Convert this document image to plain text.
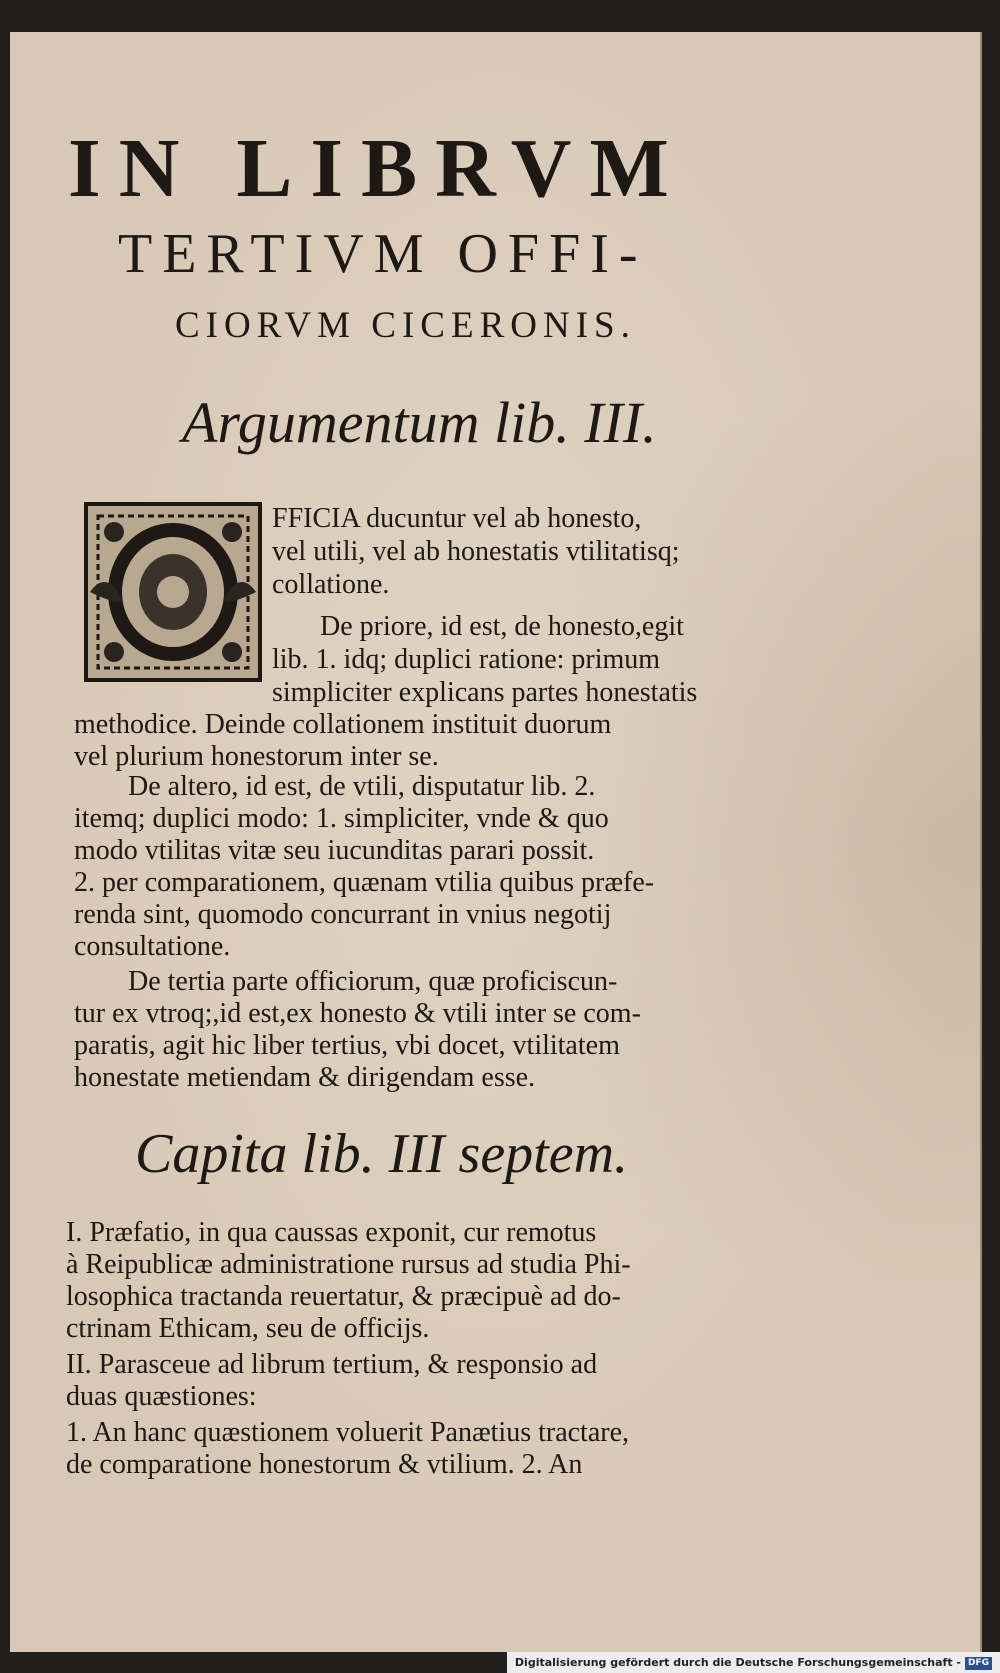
IN LIBRVM
TERTIVM OFFI-
CIORVM CICERONIS.
Argumentum lib. III.
FFICIA ducuntur vel ab honesto,
vel utili, vel ab honestatis vtilitatisq;
collatione.
De priore, id est, de honesto,egit
lib. 1. idq; duplici ratione: primum
simpliciter explicans partes honestatis
methodice. Deinde collationem instituit duorum
vel plurium honestorum inter se.
De altero, id est, de vtili, disputatur lib. 2.
itemq; duplici modo: 1. simpliciter, vnde & quo
modo vtilitas vitæ seu iucunditas parari possit.
2. per comparationem, quænam vtilia quibus præfe-
renda sint, quomodo concurrant in vnius negotij
consultatione.
De tertia parte officiorum, quæ proficiscun-
tur ex vtroq;,id est,ex honesto & vtili inter se com-
paratis, agit hic liber tertius, vbi docet, vtilitatem
honestate metiendam & dirigendam esse.
Capita lib. III septem.
I. Præfatio, in qua caussas exponit, cur remotus
à Reipublicæ administratione rursus ad studia Phi-
losophica tractanda reuertatur, & præcipuè ad do-
ctrinam Ethicam, seu de officijs.
II. Parasceue ad librum tertium, & responsio ad
duas quæstiones:
1. An hanc quæstionem voluerit Panætius tractare,
de comparatione honestorum & vtilium. 2. An
Digitalisierung gefördert durch die Deutsche Forschungsgemeinschaft - DFG
